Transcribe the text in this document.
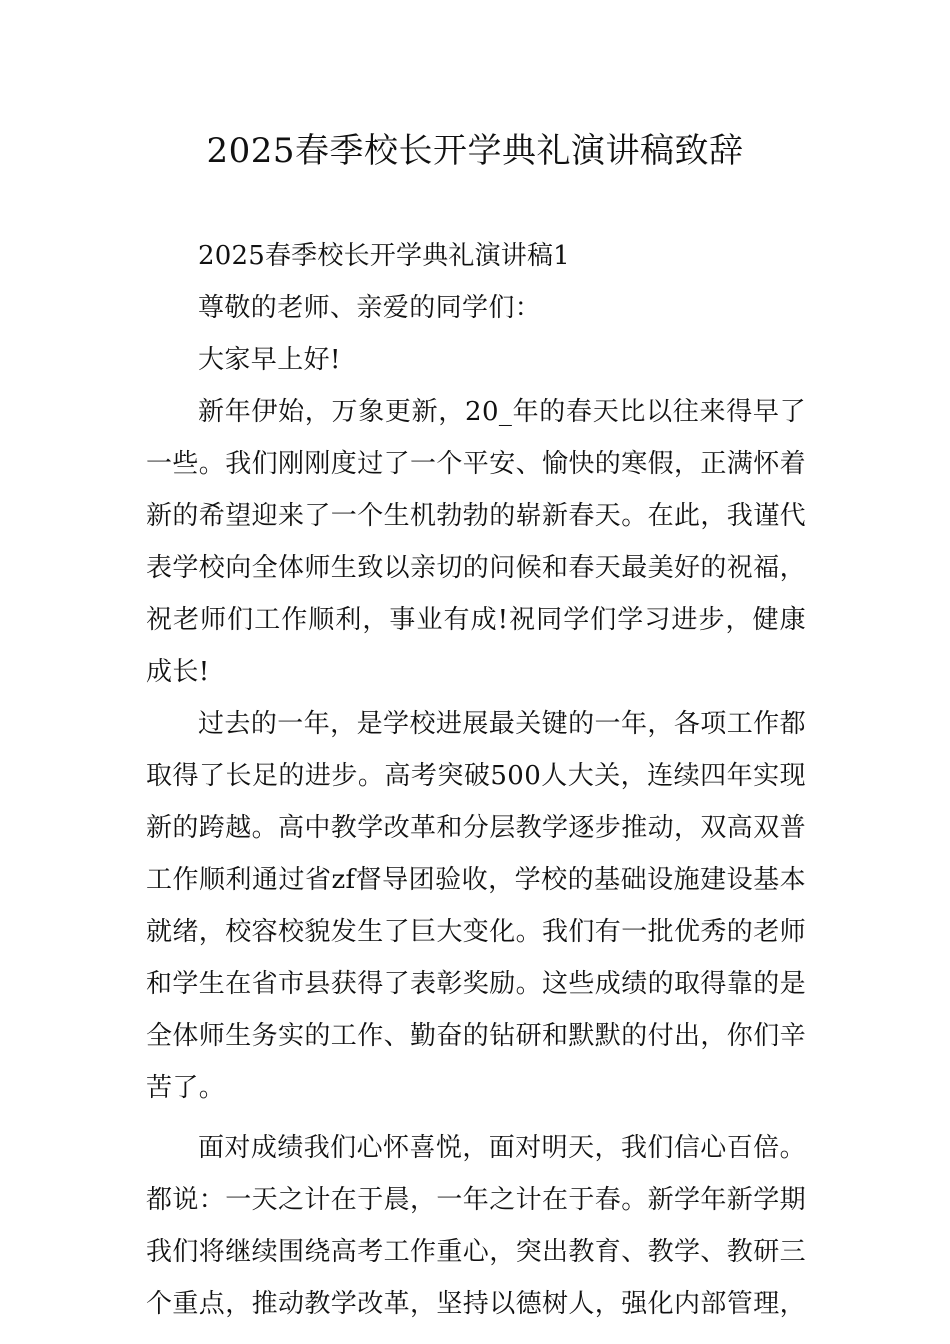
2025春季校长开学典礼演讲稿致辞

2025春季校长开学典礼演讲稿1

尊敬的老师、亲爱的同学们：

大家早上好!

新年伊始，万象更新，20_年的春天比以往来得早了一些。我们刚刚度过了一个平安、愉快的寒假，正满怀着新的希望迎来了一个生机勃勃的崭新春天。在此，我谨代表学校向全体师生致以亲切的问候和春天最美好的祝福，祝老师们工作顺利，事业有成!祝同学们学习进步，健康成长!

过去的一年，是学校进展最关键的一年，各项工作都取得了长足的进步。高考突破500人大关，连续四年实现新的跨越。高中教学改革和分层教学逐步推动，双高双普工作顺利通过省zf督导团验收，学校的基础设施建设基本就绪，校容校貌发生了巨大变化。我们有一批优秀的老师和学生在省市县获得了表彰奖励。这些成绩的取得靠的是全体师生务实的工作、勤奋的钻研和默默的付出，你们辛苦了。

面对成绩我们心怀喜悦，面对明天，我们信心百倍。都说：一天之计在于晨，一年之计在于春。新学年新学期我们将继续围绕高考工作重心，突出教育、教学、教研三个重点，推动教学改革，坚持以德树人，强化内部管理，
